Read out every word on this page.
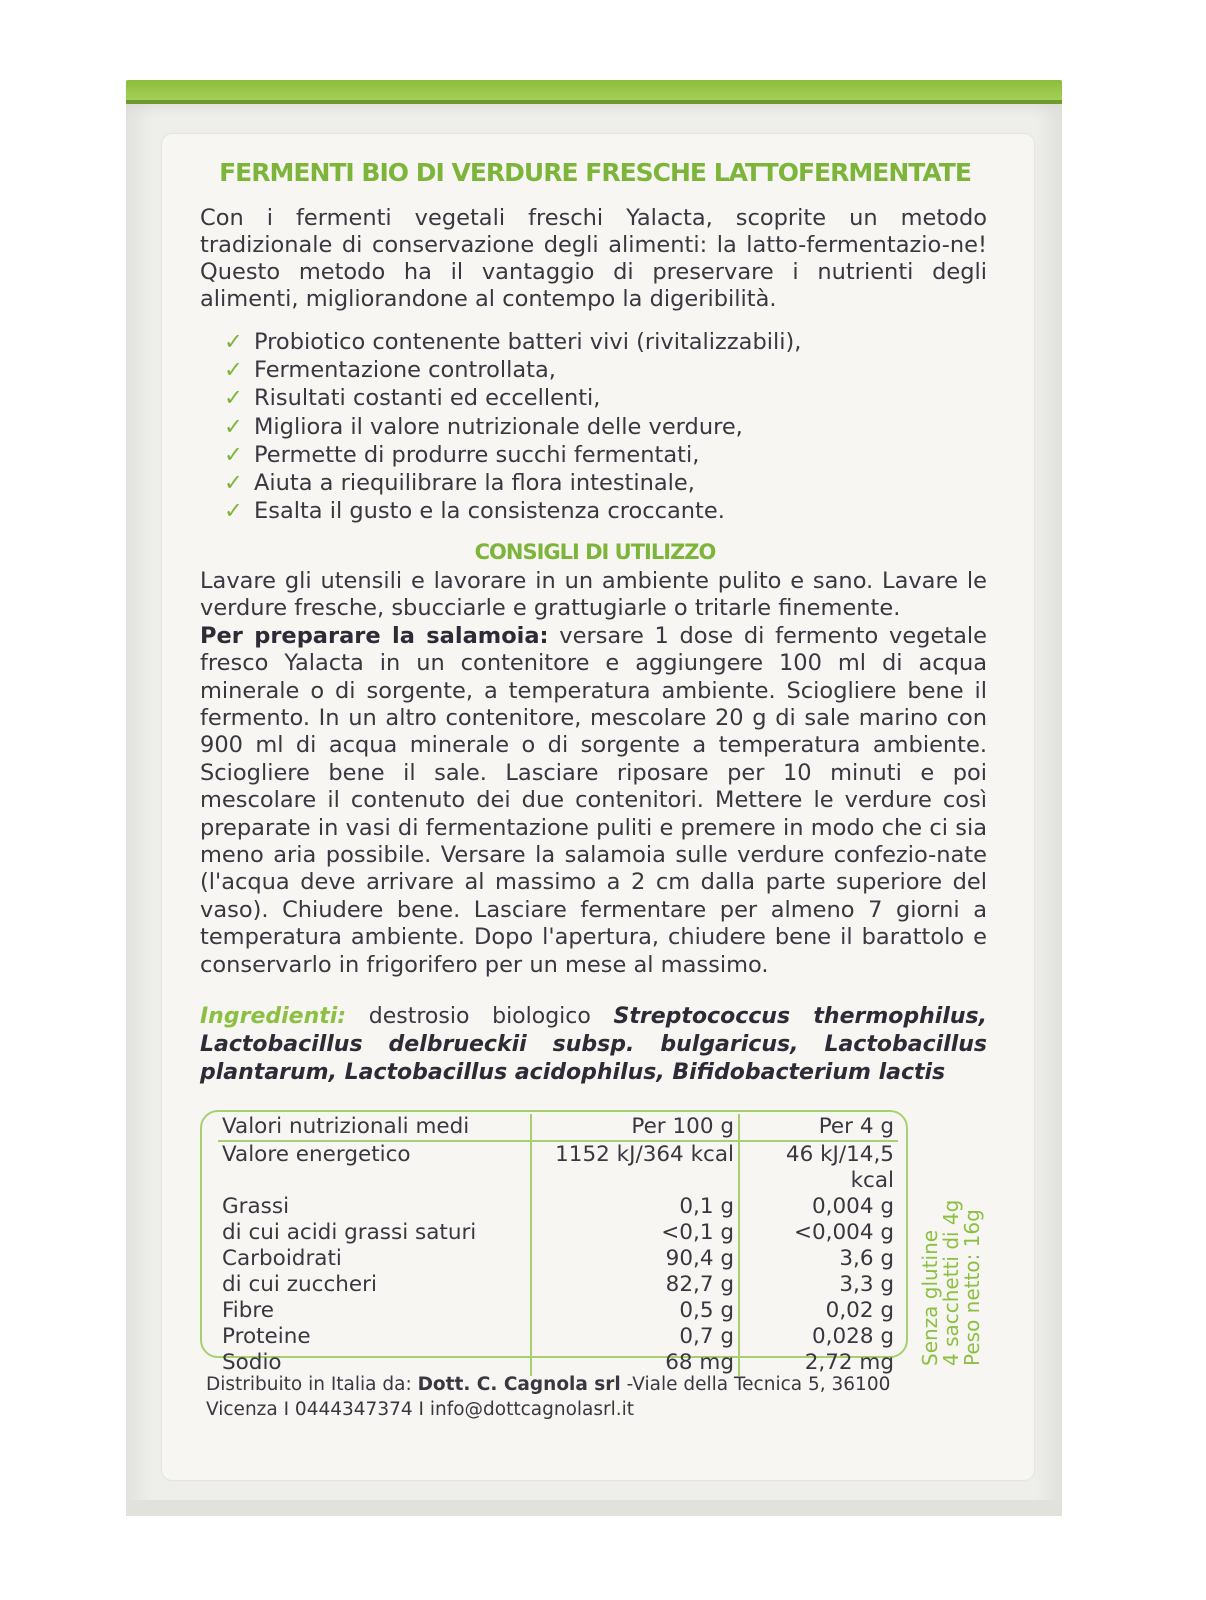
FERMENTI BIO DI VERDURE FRESCHE LATTOFERMENTATE
Con i fermenti vegetali freschi Yalacta, scoprite un metodo tradizionale di conservazione degli alimenti: la latto-fermentazio-ne! Questo metodo ha il vantaggio di preservare i nutrienti degli alimenti, migliorandone al contempo la digeribilità.
✓ Probiotico contenente batteri vivi (rivitalizzabili),
✓ Fermentazione controllata,
✓ Risultati costanti ed eccellenti,
✓ Migliora il valore nutrizionale delle verdure,
✓ Permette di produrre succhi fermentati,
✓ Aiuta a riequilibrare la flora intestinale,
✓ Esalta il gusto e la consistenza croccante.
CONSIGLI DI UTILIZZO
Lavare gli utensili e lavorare in un ambiente pulito e sano. Lavare le verdure fresche, sbucciarle e grattugiarle o tritarle finemente.
Per preparare la salamoia: versare 1 dose di fermento vegetale fresco Yalacta in un contenitore e aggiungere 100 ml di acqua minerale o di sorgente, a temperatura ambiente. Sciogliere bene il fermento. In un altro contenitore, mescolare 20 g di sale marino con 900 ml di acqua minerale o di sorgente a temperatura ambiente. Sciogliere bene il sale. Lasciare riposare per 10 minuti e poi mescolare il contenuto dei due contenitori. Mettere le verdure così preparate in vasi di fermentazione puliti e premere in modo che ci sia meno aria possibile. Versare la salamoia sulle verdure confezio-nate (l'acqua deve arrivare al massimo a 2 cm dalla parte superiore del vaso). Chiudere bene. Lasciare fermentare per almeno 7 giorni a temperatura ambiente. Dopo l'apertura, chiudere bene il barattolo e conservarlo in frigorifero per un mese al massimo.
Ingredienti: destrosio biologico Streptococcus thermophilus, Lactobacillus delbrueckii subsp. bulgaricus, Lactobacillus plantarum, Lactobacillus acidophilus, Bifidobacterium lactis
Valori nutrizionali medi	Per 100 g	Per 4 g
Valore energetico	1152 kJ/364 kcal	46 kJ/14,5 kcal
Grassi	0,1 g	0,004 g
di cui acidi grassi saturi	<0,1 g	<0,004 g
Carboidrati	90,4 g	3,6 g
di cui zuccheri	82,7 g	3,3 g
Fibre	0,5 g	0,02 g
Proteine	0,7 g	0,028 g
Sodio	68 mg	2,72 mg Senza glutine
4 sacchetti di 4g
Peso netto: 16g
Distribuito in Italia da: Dott. C. Cagnola srl -Viale della Tecnica 5, 36100
Vicenza I 0444347374 I info@dottcagnolasrl.it
